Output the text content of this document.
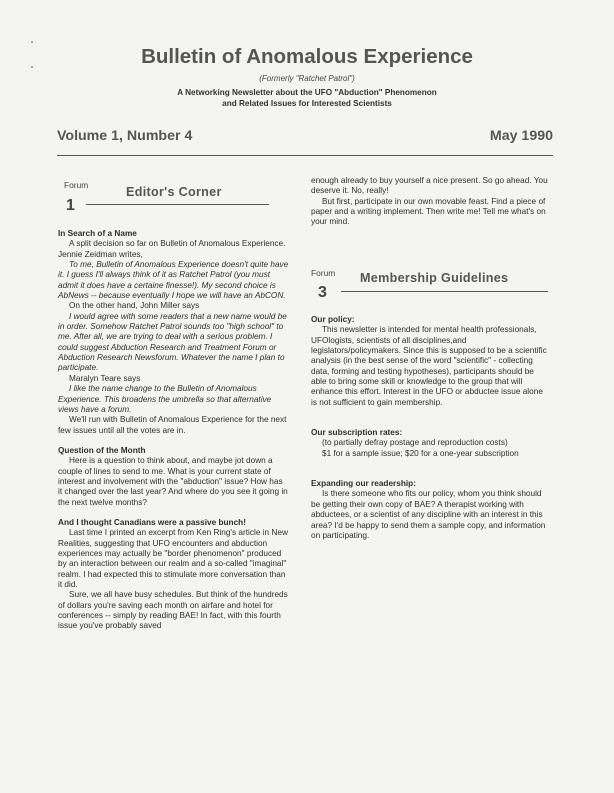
Bulletin of Anomalous Experience
(Formerly "Ratchet Patrol")
A Networking Newsletter about the UFO "Abduction" Phenomenon
and Related Issues for Interested Scientists
Volume 1, Number 4	May 1990
Forum
1
Editor's Corner
In Search of a Name

A split decision so far on Bulletin of Anomalous Experience. Jennie Zeidman writes,

To me, Bulletin of Anomalous Experience doesn't quite have it. I guess I'll always think of it as Ratchet Patrol (you must admit it does have a certaine finesse!). My second choice is AbNews -- because eventually I hope we will have an AbCON.

On the other hand, John Miller says

I would agree with some readers that a new name would be in order. Somehow Ratchet Patrol sounds too "high school" to me. After all, we are trying to deal with a serious problem. I could suggest Abduction Research and Treatment Forum or Abduction Research Newsforum. Whatever the name I plan to participate.

Maralyn Teare says

I like the name change to the Bulletin of Anomalous Experience. This broadens the umbrella so that alternative views have a forum.

We'll run with Bulletin of Anomalous Experience for the next few issues until all the votes are in.

Question of the Month

Here is a question to think about, and maybe jot down a couple of lines to send to me. What is your current state of interest and involvement with the "abduction" issue? How has it changed over the last year? And where do you see it going in the next twelve months?

And I thought Canadians were a passive bunch!

Last time I printed an excerpt from Ken Ring's article in New Realities, suggesting that UFO encounters and abduction experiences may actually be "border phenomenon" produced by an interaction between our realm and a so-called "imaginal" realm. I had expected this to stimulate more conversation than it did.

Sure, we all have busy schedules. But think of the hundreds of dollars you're saving each month on airfare and hotel for conferences -- simply by reading BAE! In fact, with this fourth issue you've probably saved

enough already to buy yourself a nice present. So go ahead. You deserve it. No, really!

But first, participate in our own movable feast. Find a piece of paper and a writing implement. Then write me! Tell me what's on your mind.

Forum
3
Membership Guidelines
Our policy:

This newsletter is intended for mental health professionals, UFOlogists, scientists of all disciplines,and legislators/policymakers. Since this is supposed to be a scientific analysis (in the best sense of the word "scientific" - collecting data, forming and testing hypotheses), participants should be able to bring some skill or knowledge to the group that will enhance this effort. Interest in the UFO or abductee issue alone is not sufficient to gain membership.

Our subscription rates:

(to partially defray postage and reproduction costs)

$1 for a sample issue; $20 for a one-year subscription

Expanding our readership:

Is there someone who fits our policy, whom you think should be getting their own copy of BAE? A therapist working with abductees, or a scientist of any discipline with an interest in this area? I'd be happy to send them a sample copy, and information on participating.
